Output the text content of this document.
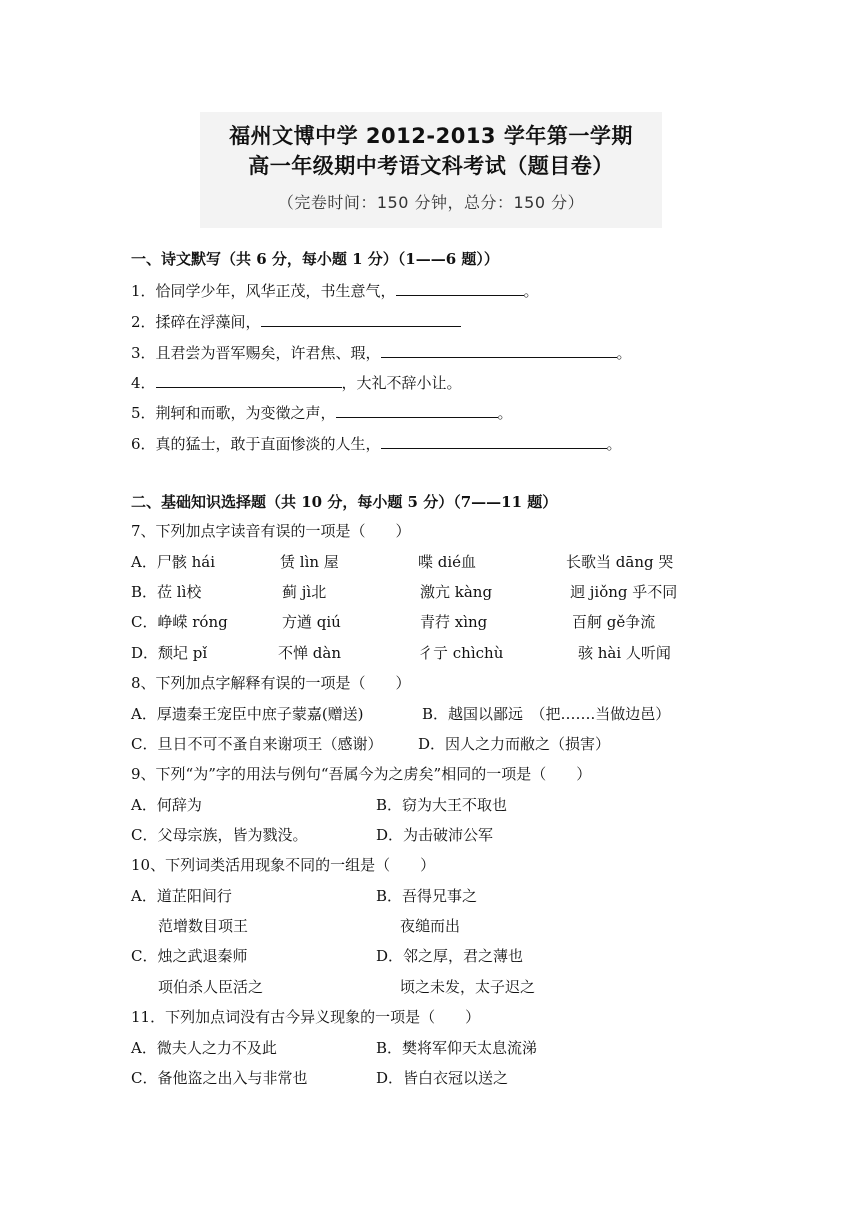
福州文博中学 2012-2013 学年第一学期
高一年级期中考语文科考试（题目卷）
（完卷时间：150 分钟，总分：150 分）
一、诗文默写（共 6 分，每小题 1 分）（1——6 题））
1．恰同学少年，风华正茂，书生意气，	。
2．揉碎在浮藻间，
3．且君尝为晋军赐矣，许君焦、瑕，	。
4．	，大礼不辞小让。
5．荆轲和而歌，为变徵之声，	。
6．真的猛士，敢于直面惨淡的人生，	。
二、基础知识选择题（共 10 分，每小题 5 分）（7——11 题）
7、下列加点字读音有误的一项是（　　）
A．尸骸 hái	赁 lìn 屋	喋 dié血	长歌当 dāng 哭
B．莅 lì校	蓟 jì北	激亢 kàng	迥 jiǒng 乎不同
C．峥嵘 róng	方遒 qiú	青荇 xìng	百舸 gě争流
D．颓圮 pǐ	不惮 dàn	彳亍 chìchù	骇 hài 人听闻
8、下列加点字解释有误的一项是（　　）
A．厚遗秦王宠臣中庶子蒙嘉(赠送)	B．越国以鄙远　（把…….当做边邑）
C．旦日不可不蚤自来谢项王（感谢） D．因人之力而敝之（损害）
9、下列“为”字的用法与例句“吾属今为之虏矣”相同的一项是（　　）
A．何辞为	B．窃为大王不取也
C．父母宗族，皆为戮没。	D．为击破沛公军
10、下列词类活用现象不同的一组是（　　）
A．道芷阳间行	B．吾得兄事之
范增数目项王	夜缒而出
C．烛之武退秦师	D．邻之厚，君之薄也
项伯杀人臣活之	顷之未发，太子迟之
11．下列加点词没有古今异义现象的一项是（　　）
A．微夫人之力不及此	B．樊将军仰天太息流涕
C．备他盗之出入与非常也	D．皆白衣冠以送之
